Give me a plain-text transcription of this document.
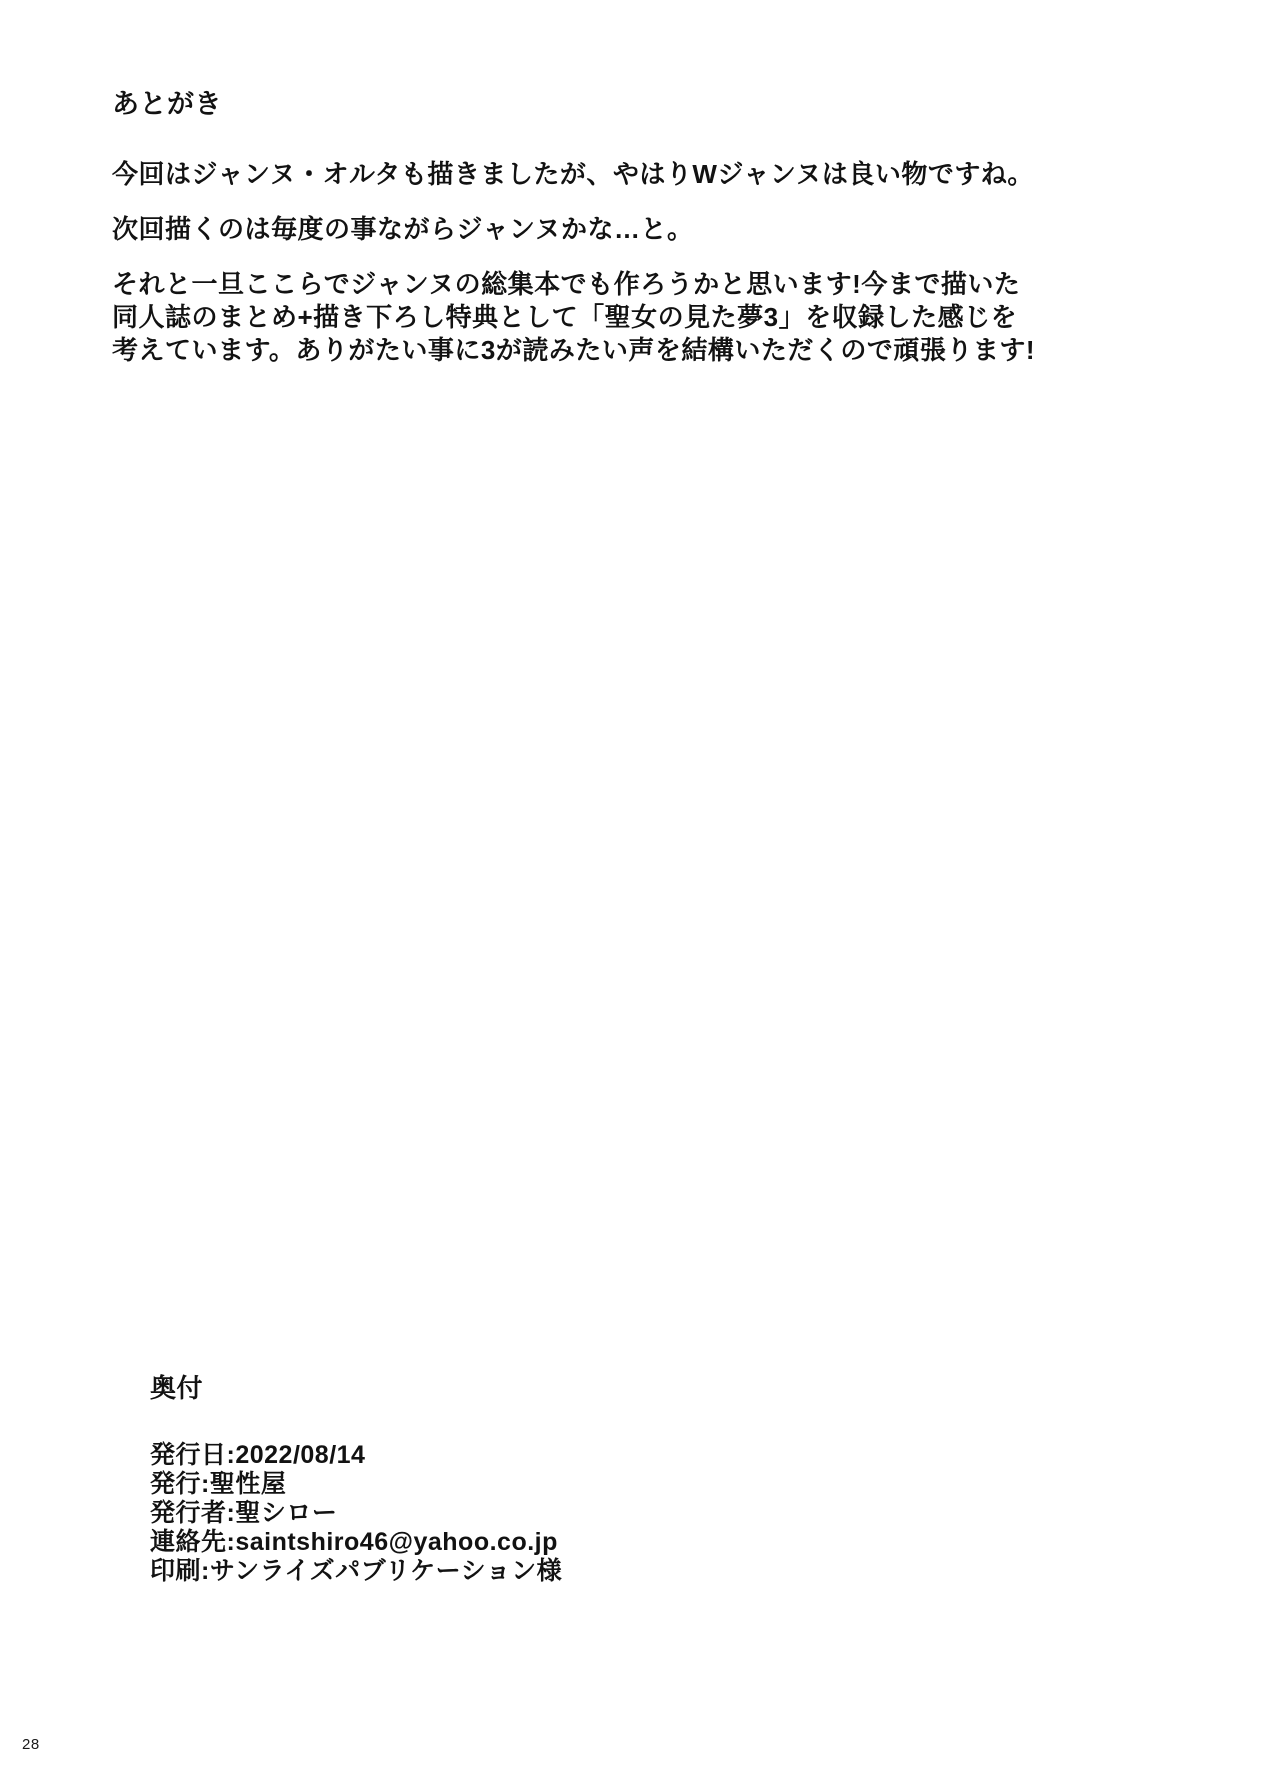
あとがき

今回はジャンヌ・オルタも描きましたが、やはりWジャンヌは良い物ですね。

次回描くのは毎度の事ながらジャンヌかな…と。

それと一旦ここらでジャンヌの総集本でも作ろうかと思います!今まで描いた
同人誌のまとめ+描き下ろし特典として「聖女の見た夢3」を収録した感じを
考えています。ありがたい事に3が読みたい声を結構いただくので頑張ります!

奥付
発行日:2022/08/14
発行:聖性屋
発行者:聖シロー
連絡先:saintshiro46@yahoo.co.jp
印刷:サンライズパブリケーション様
28
